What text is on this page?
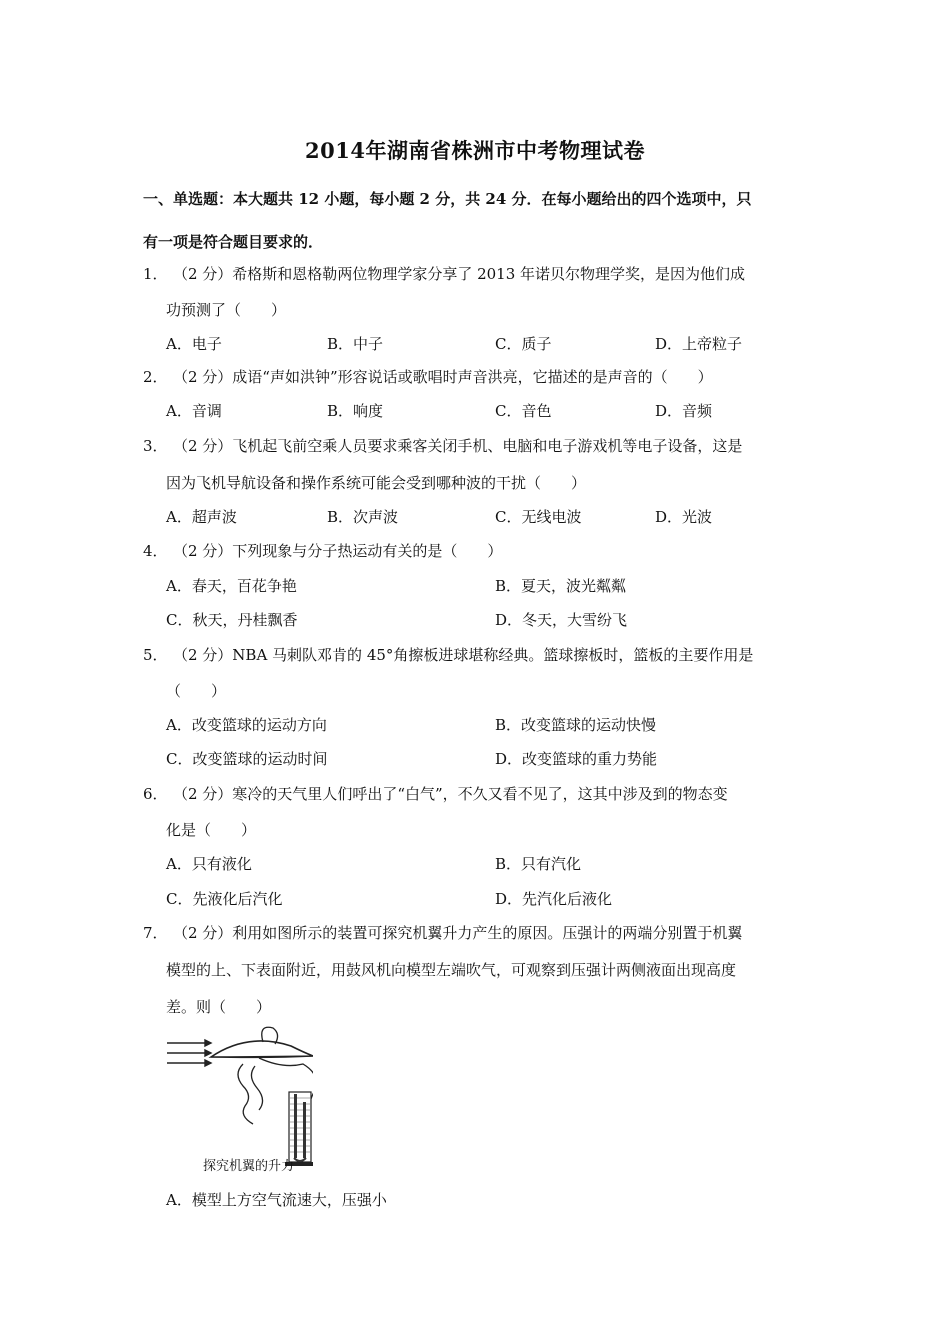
2014年湖南省株洲市中考物理试卷
一、单选题：本大题共 12 小题，每小题 2 分，共 24 分．在每小题给出的四个选项中，只
有一项是符合题目要求的．
1． （2 分）希格斯和恩格勒两位物理学家分享了 2013 年诺贝尔物理学奖，是因为他们成
功预测了（　　）
A．电子	B．中子	C．质子	D．上帝粒子
2． （2 分）成语“声如洪钟”形容说话或歌唱时声音洪亮，它描述的是声音的（　　）
A．音调	B．响度	C．音色	D．音频
3． （2 分）飞机起飞前空乘人员要求乘客关闭手机、电脑和电子游戏机等电子设备，这是
因为飞机导航设备和操作系统可能会受到哪种波的干扰（　　）
A．超声波	B．次声波	C．无线电波	D．光波
4． （2 分）下列现象与分子热运动有关的是（　　）
A．春天，百花争艳	B．夏天，波光粼粼
C．秋天，丹桂飘香	D．冬天，大雪纷飞
5． （2 分）NBA 马刺队邓肯的 45°角擦板进球堪称经典。篮球擦板时，篮板的主要作用是
（　　）
A．改变篮球的运动方向	B．改变篮球的运动快慢
C．改变篮球的运动时间	D．改变篮球的重力势能
6． （2 分）寒冷的天气里人们呼出了“白气”，不久又看不见了，这其中涉及到的物态变
化是（　　）
A．只有液化	B．只有汽化
C．先液化后汽化	D．先汽化后液化
7． （2 分）利用如图所示的装置可探究机翼升力产生的原因。压强计的两端分别置于机翼
模型的上、下表面附近，用鼓风机向模型左端吹气，可观察到压强计两侧液面出现高度
差。则（　　）
探究机翼的升力
A．模型上方空气流速大，压强小
